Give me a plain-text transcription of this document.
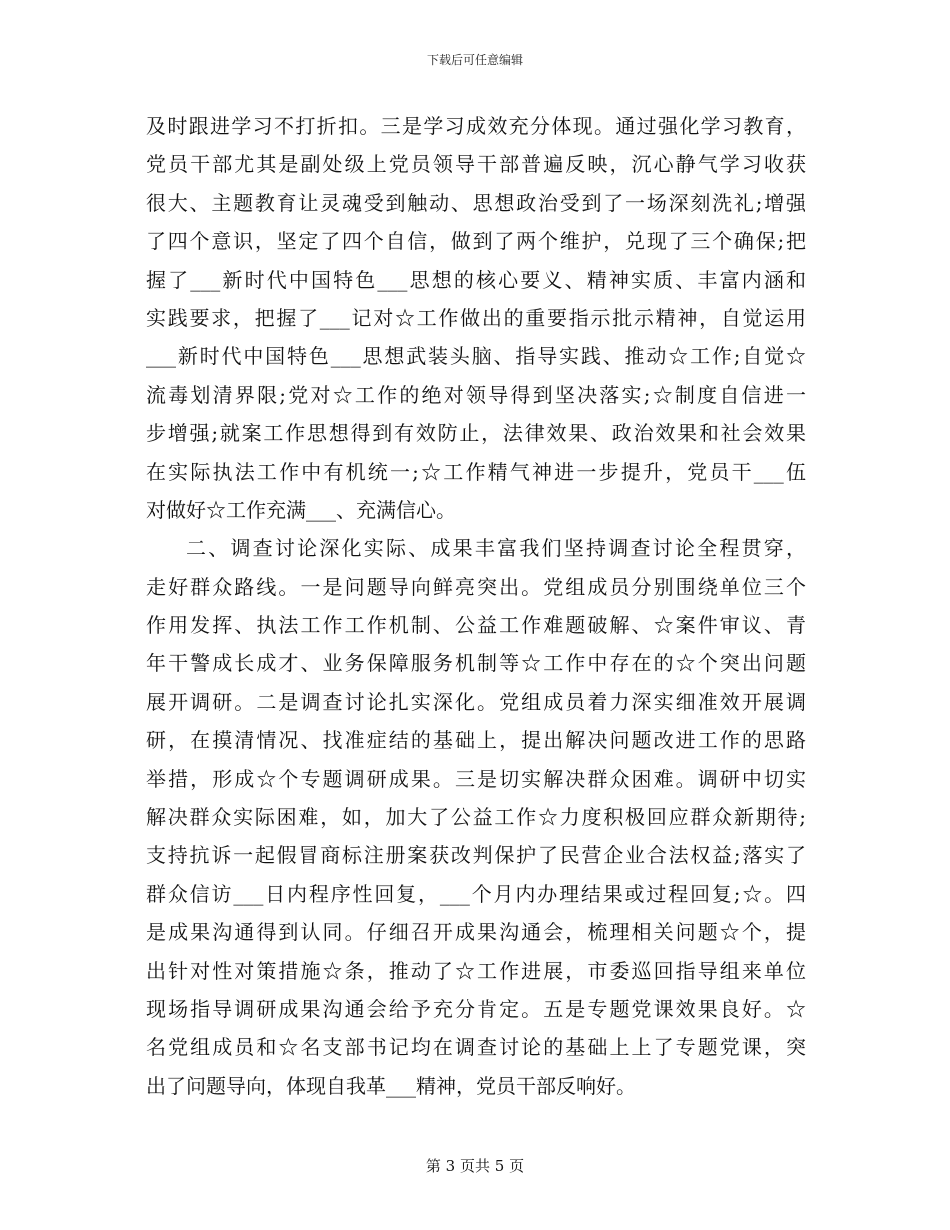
下载后可任意编辑
及时跟进学习不打折扣。三是学习成效充分体现。通过强化学习教育，
党员干部尤其是副处级上党员领导干部普遍反映，沉心静气学习收获
很大、主题教育让灵魂受到触动、思想政治受到了一场深刻洗礼;增强
了四个意识，坚定了四个自信，做到了两个维护，兑现了三个确保;把
握了___新时代中国特色___思想的核心要义、精神实质、丰富内涵和
实践要求，把握了___记对☆工作做出的重要指示批示精神，自觉运用
___新时代中国特色___思想武装头脑、指导实践、推动☆工作;自觉☆
流毒划清界限;党对☆工作的绝对领导得到坚决落实;☆制度自信进一
步增强;就案工作思想得到有效防止，法律效果、政治效果和社会效果
在实际执法工作中有机统一;☆工作精气神进一步提升，党员干___伍
对做好☆工作充满___、充满信心。
二、调查讨论深化实际、成果丰富我们坚持调查讨论全程贯穿，
走好群众路线。一是问题导向鲜亮突出。党组成员分别围绕单位三个
作用发挥、执法工作工作机制、公益工作难题破解、☆案件审议、青
年干警成长成才、业务保障服务机制等☆工作中存在的☆个突出问题
展开调研。二是调查讨论扎实深化。党组成员着力深实细准效开展调
研，在摸清情况、找准症结的基础上，提出解决问题改进工作的思路
举措，形成☆个专题调研成果。三是切实解决群众困难。调研中切实
解决群众实际困难，如，加大了公益工作☆力度积极回应群众新期待;
支持抗诉一起假冒商标注册案获改判保护了民营企业合法权益;落实了
群众信访___日内程序性回复，___个月内办理结果或过程回复;☆。四
是成果沟通得到认同。仔细召开成果沟通会，梳理相关问题☆个，提
出针对性对策措施☆条，推动了☆工作进展，市委巡回指导组来单位
现场指导调研成果沟通会给予充分肯定。五是专题党课效果良好。☆
名党组成员和☆名支部书记均在调查讨论的基础上上了专题党课，突
出了问题导向，体现自我革___精神，党员干部反响好。
第 3 页共 5 页
